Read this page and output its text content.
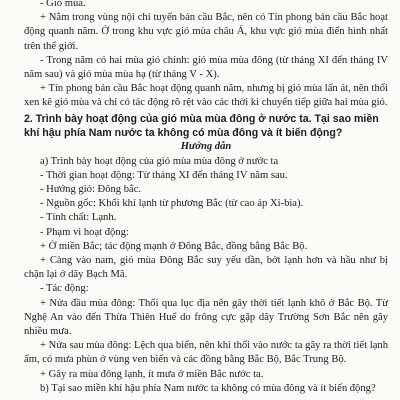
- Gió mùa.

+ Nằm trong vùng nội chí tuyến bán cầu Bắc, nên có Tín phong bán cầu Bắc hoạt động quanh năm. Ở trong khu vực gió mùa châu Á, khu vực gió mùa điển hình nhất trên thế giới.

- Trong năm có hai mùa gió chính: gió mùa mùa đông (từ tháng XI đến tháng IV năm sau) và gió mùa mùa hạ (từ tháng V - X).

+ Tín phong bán cầu Bắc hoạt động quanh năm, nhưng bị gió mùa lấn át, nên thổi xen kẽ gió mùa và chỉ có tác động rõ rệt vào các thời kì chuyển tiếp giữa hai mùa gió.

2. Trình bày hoạt động của gió mùa mùa đông ở nước ta. Tại sao miền khí hậu phía Nam nước ta không có mùa đông và ít biến động?

Hướng dẫn

a) Trình bày hoạt động của gió mùa mùa đông ở nước ta

- Thời gian hoạt động: Từ tháng XI đến tháng IV năm sau.

- Hướng gió: Đông bắc.

- Nguồn gốc: Khối khí lạnh từ phương Bắc (từ cao áp Xi-bia).

- Tính chất: Lạnh.

- Phạm vi hoạt động:

+ Ở miền Bắc; tác động mạnh ở Đông Bắc, đồng bằng Bắc Bộ.

+ Càng vào nam, gió mùa Đông Bắc suy yếu dần, bớt lạnh hơn và hầu như bị chặn lại ở dãy Bạch Mã.

- Tác động:

+ Nửa đầu mùa đông: Thổi qua lục địa nên gây thời tiết lạnh khô ở Bắc Bộ. Từ Nghệ An vào đến Thừa Thiên Huế do frông cực gặp dãy Trường Sơn Bắc nên gây nhiều mưa.

+ Nửa sau mùa đông: Lệch qua biển, nên khi thổi vào nước ta gây ra thời tiết lạnh ẩm, có mưa phùn ở vùng ven biển và các đồng bằng Bắc Bộ, Bắc Trung Bộ.

+ Gây ra mùa đông lạnh, ít mưa ở miền Bắc nước ta.

b) Tại sao miền khí hậu phía Nam nước ta không có mùa đông và ít biến động?
